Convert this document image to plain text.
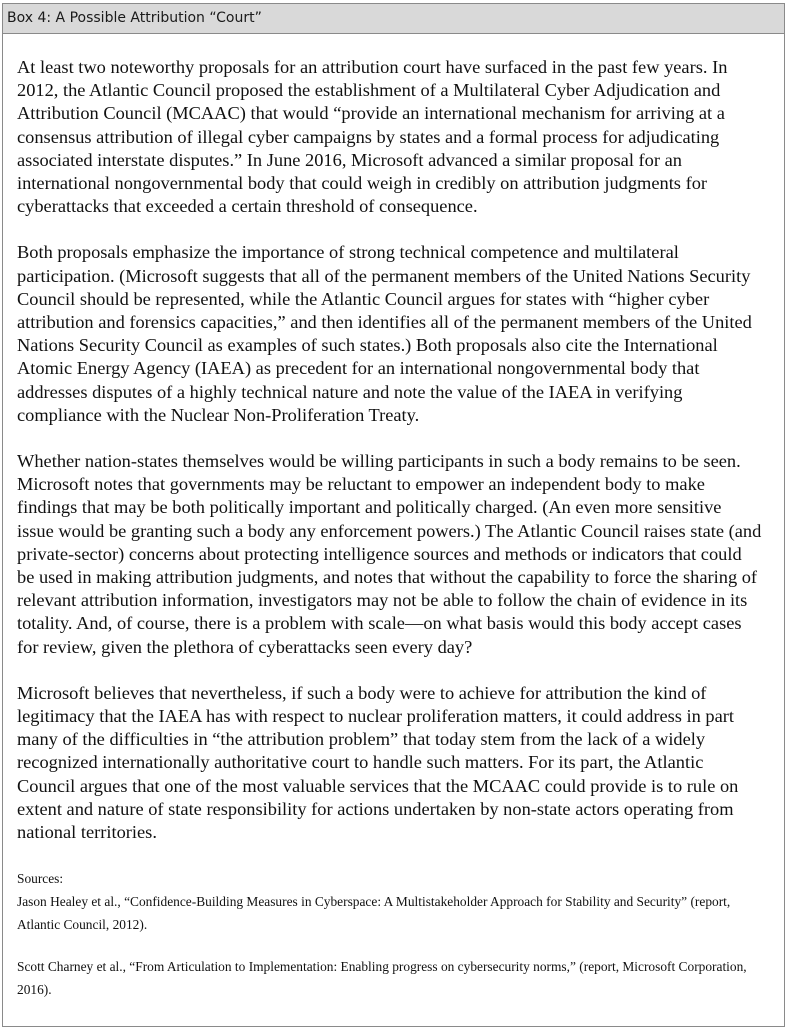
Box 4: A Possible Attribution “Court”

At least two noteworthy proposals for an attribution court have surfaced in the past few years. In 2012, the Atlantic Council proposed the establishment of a Multilateral Cyber Adjudication and Attribution Council (MCAAC) that would “provide an international mechanism for arriving at a consensus attribution of illegal cyber campaigns by states and a formal process for adjudicating associated interstate disputes.” In June 2016, Microsoft advanced a similar proposal for an international nongovernmental body that could weigh in credibly on attribution judgments for cyberattacks that exceeded a certain threshold of consequence.

Both proposals emphasize the importance of strong technical competence and multilateral participation. (Microsoft suggests that all of the permanent members of the United Nations Security Council should be represented, while the Atlantic Council argues for states with “higher cyber attribution and forensics capacities,” and then identifies all of the permanent members of the United Nations Security Council as examples of such states.) Both proposals also cite the International Atomic Energy Agency (IAEA) as precedent for an international nongovernmental body that addresses disputes of a highly technical nature and note the value of the IAEA in verifying compliance with the Nuclear Non-Proliferation Treaty.

Whether nation-states themselves would be willing participants in such a body remains to be seen. Microsoft notes that governments may be reluctant to empower an independent body to make findings that may be both politically important and politically charged. (An even more sensitive issue would be granting such a body any enforcement powers.) The Atlantic Council raises state (and private-sector) concerns about protecting intelligence sources and methods or indicators that could be used in making attribution judgments, and notes that without the capability to force the sharing of relevant attribution information, investigators may not be able to follow the chain of evidence in its totality. And, of course, there is a problem with scale—on what basis would this body accept cases for review, given the plethora of cyberattacks seen every day?

Microsoft believes that nevertheless, if such a body were to achieve for attribution the kind of legitimacy that the IAEA has with respect to nuclear proliferation matters, it could address in part many of the difficulties in “the attribution problem” that today stem from the lack of a widely recognized internationally authoritative court to handle such matters. For its part, the Atlantic Council argues that one of the most valuable services that the MCAAC could provide is to rule on extent and nature of state responsibility for actions undertaken by non-state actors operating from national territories.

Sources:
Jason Healey et al., “Confidence-Building Measures in Cyberspace: A Multistakeholder Approach for Stability and Security” (report, Atlantic Council, 2012).
Scott Charney et al., “From Articulation to Implementation: Enabling progress on cybersecurity norms,” (report, Microsoft Corporation, 2016).
